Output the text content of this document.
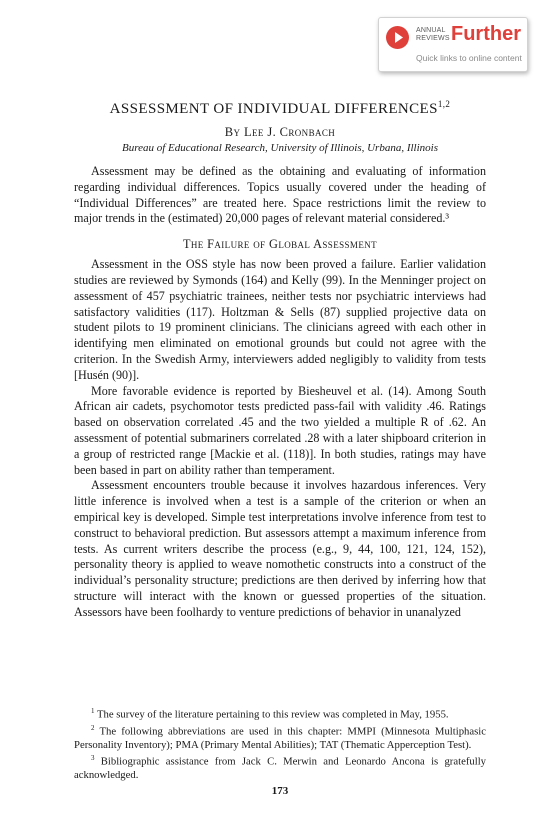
ANNUAL
REVIEWS Further
Quick links to online content
ASSESSMENT OF INDIVIDUAL DIFFERENCES$^{1,2}$
By Lee J. Cronbach
Bureau of Educational Research, University of Illinois, Urbana, Illinois

Assessment may be defined as the obtaining and evaluating of information regarding individual differences. Topics usually covered under the heading of “Individual Differences” are treated here. Space restrictions limit the review to major trends in the (estimated) 20,000 pages of relevant material considered.³

The Failure of Global Assessment

Assessment in the OSS style has now been proved a failure. Earlier validation studies are reviewed by Symonds (164) and Kelly (99). In the Menninger project on assessment of 457 psychiatric trainees, neither tests nor psychiatric interviews had satisfactory validities (117). Holtzman & Sells (87) supplied projective data on student pilots to 19 prominent clinicians. The clinicians agreed with each other in identifying men eliminated on emotional grounds but could not agree with the criterion. In the Swedish Army, interviewers added negligibly to validity from tests [Husén (90)].

More favorable evidence is reported by Biesheuvel et al. (14). Among South African air cadets, psychomotor tests predicted pass-fail with validity .46. Ratings based on observation correlated .45 and the two yielded a multiple R of .62. An assessment of potential submariners correlated .28 with a later shipboard criterion in a group of restricted range [Mackie et al. (118)]. In both studies, ratings may have been based in part on ability rather than temperament.

Assessment encounters trouble because it involves hazardous inferences. Very little inference is involved when a test is a sample of the criterion or when an empirical key is developed. Simple test interpretations involve inference from test to construct to behavioral prediction. But assessors attempt a maximum inference from tests. As current writers describe the process (e.g., 9, 44, 100, 121, 124, 152), personality theory is applied to weave nomothetic constructs into a construct of the individual’s personality structure; predictions are then derived by inferring how that structure will interact with the known or guessed properties of the situation. Assessors have been foolhardy to venture predictions of behavior in unanalyzed

$^1$ The survey of the literature pertaining to this review was completed in May, 1955.

$^2$ The following abbreviations are used in this chapter: MMPI (Minnesota Multiphasic Personality Inventory); PMA (Primary Mental Abilities); TAT (Thematic Apperception Test).

$^3$ Bibliographic assistance from Jack C. Merwin and Leonardo Ancona is gratefully acknowledged.

173
